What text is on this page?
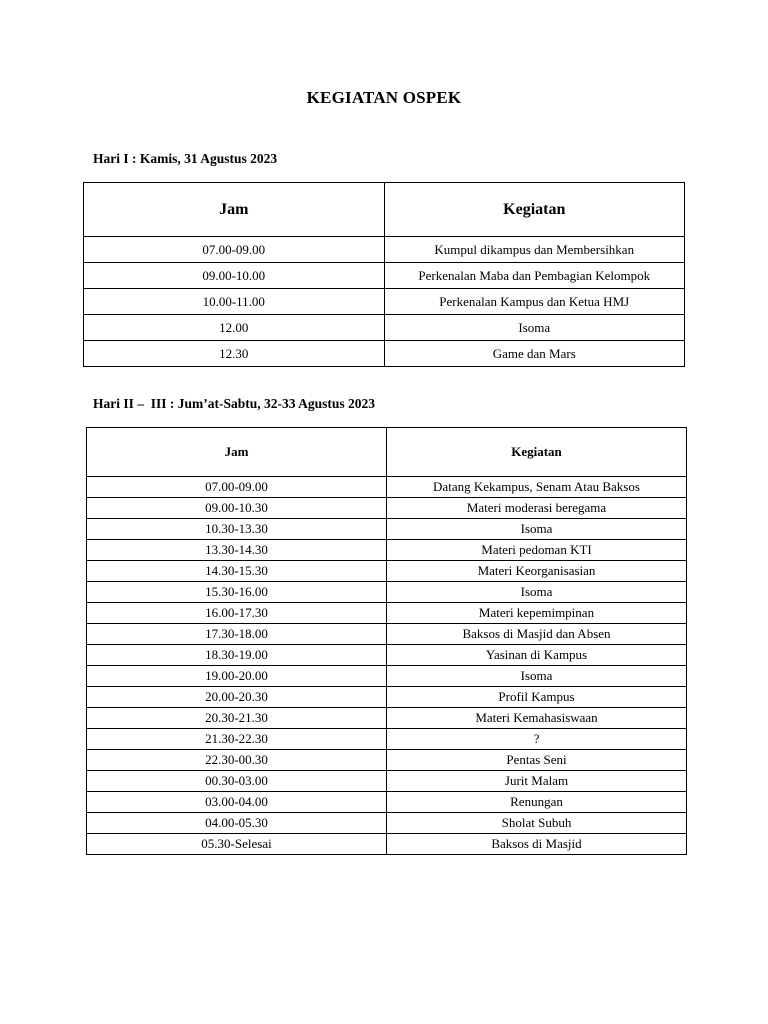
KEGIATAN OSPEK
Hari I : Kamis, 31 Agustus 2023
Jam	Kegiatan
07.00-09.00	Kumpul dikampus dan Membersihkan
09.00-10.00	Perkenalan Maba dan Pembagian Kelompok
10.00-11.00	Perkenalan Kampus dan Ketua HMJ
12.00	Isoma
12.30	Game dan Mars
Hari II –  III : Jum’at-Sabtu, 32-33 Agustus 2023
Jam	Kegiatan
07.00-09.00	Datang Kekampus, Senam Atau Baksos
09.00-10.30	Materi moderasi beregama
10.30-13.30	Isoma
13.30-14.30	Materi pedoman KTI
14.30-15.30	Materi Keorganisasian
15.30-16.00	Isoma
16.00-17.30	Materi kepemimpinan
17.30-18.00	Baksos di Masjid dan Absen
18.30-19.00	Yasinan di Kampus
19.00-20.00	Isoma
20.00-20.30	Profil Kampus
20.30-21.30	Materi Kemahasiswaan
21.30-22.30	?
22.30-00.30	Pentas Seni
00.30-03.00	Jurit Malam
03.00-04.00	Renungan
04.00-05.30	Sholat Subuh
05.30-Selesai	Baksos di Masjid
